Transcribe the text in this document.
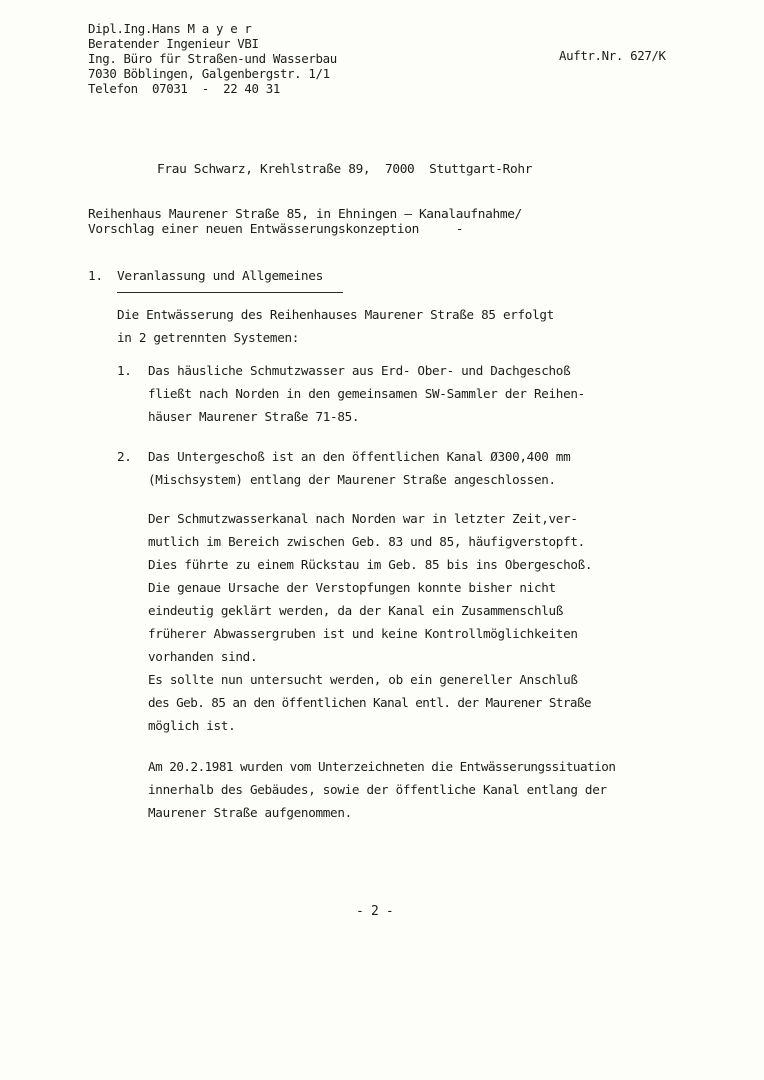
Dipl.Ing.Hans M a y e r
Beratender Ingenieur VBI
Ing. Büro für Straßen-und Wasserbau
7030 Böblingen, Galgenbergstr. 1/1
Telefon  07031  -  22 40 31
Auftr.Nr. 627/K
Frau Schwarz, Krehlstraße 89,  7000  Stuttgart-Rohr
Reihenhaus Maurener Straße 85, in Ehningen — Kanalaufnahme/
Vorschlag einer neuen Entwässerungskonzeption     -
1. Veranlassung und Allgemeines
Die Entwässerung des Reihenhauses Maurener Straße 85 erfolgt
in 2 getrennten Systemen:
1. Das häusliche Schmutzwasser aus Erd- Ober- und Dachgeschoß
fließt nach Norden in den gemeinsamen SW-Sammler der Reihen-
häuser Maurener Straße 71-85.
2. Das Untergeschoß ist an den öffentlichen Kanal Ø300,400 mm
(Mischsystem) entlang der Maurener Straße angeschlossen.
Der Schmutzwasserkanal nach Norden war in letzter Zeit,ver-
mutlich im Bereich zwischen Geb. 83 und 85, häufigverstopft.
Dies führte zu einem Rückstau im Geb. 85 bis ins Obergeschoß.
Die genaue Ursache der Verstopfungen konnte bisher nicht
eindeutig geklärt werden, da der Kanal ein Zusammenschluß
früherer Abwassergruben ist und keine Kontrollmöglichkeiten
vorhanden sind.
Es sollte nun untersucht werden, ob ein genereller Anschluß
des Geb. 85 an den öffentlichen Kanal entl. der Maurener Straße
möglich ist.
Am 20.2.1981 wurden vom Unterzeichneten die Entwässerungssituation
innerhalb des Gebäudes, sowie der öffentliche Kanal entlang der
Maurener Straße aufgenommen.
- 2 -
